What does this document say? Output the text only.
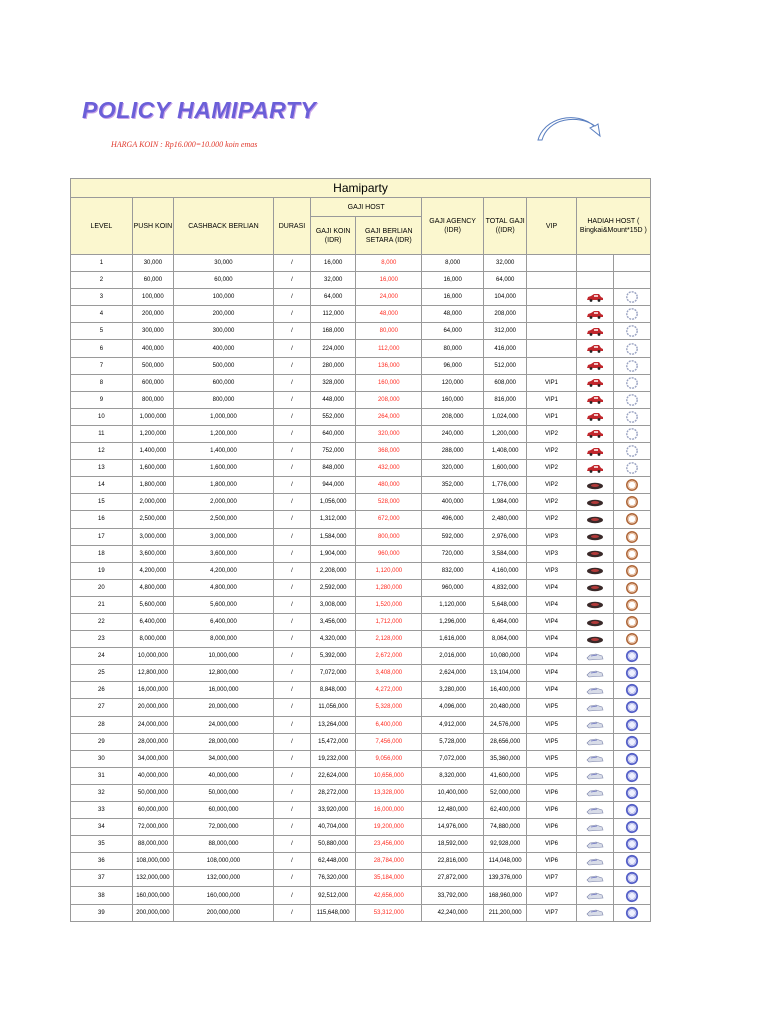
POLICY HAMIPARTY
HARGA KOIN : Rp16.000=10.000 koin emas
Hamiparty										
LEVEL	PUSH KOIN	CASHBACK BERLIAN	DURASI	GAJI HOST		GAJI AGENCY (IDR)	TOTAL GAJI ((IDR)	VIP	HADIAH HOST ( Bingkai&Mount*15D )	
				GAJI KOIN (IDR)	GAJI BERLIAN SETARA (IDR)					
1	30,000	30,000	/	16,000	8,000	8,000	32,000			
2	60,000	60,000	/	32,000	16,000	16,000	64,000			
3	100,000	100,000	/	64,000	24,000	16,000	104,000			
4	200,000	200,000	/	112,000	48,000	48,000	208,000			
5	300,000	300,000	/	168,000	80,000	64,000	312,000			
6	400,000	400,000	/	224,000	112,000	80,000	416,000			
7	500,000	500,000	/	280,000	136,000	96,000	512,000			
8	600,000	600,000	/	328,000	160,000	120,000	608,000	VIP1		
9	800,000	800,000	/	448,000	208,000	160,000	816,000	VIP1		
10	1,000,000	1,000,000	/	552,000	264,000	208,000	1,024,000	VIP1		
11	1,200,000	1,200,000	/	640,000	320,000	240,000	1,200,000	VIP2		
12	1,400,000	1,400,000	/	752,000	368,000	288,000	1,408,000	VIP2		
13	1,600,000	1,600,000	/	848,000	432,000	320,000	1,600,000	VIP2		
14	1,800,000	1,800,000	/	944,000	480,000	352,000	1,776,000	VIP2		
15	2,000,000	2,000,000	/	1,056,000	528,000	400,000	1,984,000	VIP2		
16	2,500,000	2,500,000	/	1,312,000	672,000	496,000	2,480,000	VIP2		
17	3,000,000	3,000,000	/	1,584,000	800,000	592,000	2,976,000	VIP3		
18	3,600,000	3,600,000	/	1,904,000	960,000	720,000	3,584,000	VIP3		
19	4,200,000	4,200,000	/	2,208,000	1,120,000	832,000	4,160,000	VIP3		
20	4,800,000	4,800,000	/	2,592,000	1,280,000	960,000	4,832,000	VIP4		
21	5,600,000	5,600,000	/	3,008,000	1,520,000	1,120,000	5,648,000	VIP4		
22	6,400,000	6,400,000	/	3,456,000	1,712,000	1,296,000	6,464,000	VIP4		
23	8,000,000	8,000,000	/	4,320,000	2,128,000	1,616,000	8,064,000	VIP4		
24	10,000,000	10,000,000	/	5,392,000	2,672,000	2,016,000	10,080,000	VIP4		
25	12,800,000	12,800,000	/	7,072,000	3,408,000	2,624,000	13,104,000	VIP4		
26	16,000,000	16,000,000	/	8,848,000	4,272,000	3,280,000	16,400,000	VIP4		
27	20,000,000	20,000,000	/	11,056,000	5,328,000	4,096,000	20,480,000	VIP5		
28	24,000,000	24,000,000	/	13,264,000	6,400,000	4,912,000	24,576,000	VIP5		
29	28,000,000	28,000,000	/	15,472,000	7,456,000	5,728,000	28,656,000	VIP5		
30	34,000,000	34,000,000	/	19,232,000	9,056,000	7,072,000	35,360,000	VIP5		
31	40,000,000	40,000,000	/	22,624,000	10,656,000	8,320,000	41,600,000	VIP5		
32	50,000,000	50,000,000	/	28,272,000	13,328,000	10,400,000	52,000,000	VIP6		
33	60,000,000	60,000,000	/	33,920,000	16,000,000	12,480,000	62,400,000	VIP6		
34	72,000,000	72,000,000	/	40,704,000	19,200,000	14,976,000	74,880,000	VIP6		
35	88,000,000	88,000,000	/	50,880,000	23,456,000	18,592,000	92,928,000	VIP6		
36	108,000,000	108,000,000	/	62,448,000	28,784,000	22,816,000	114,048,000	VIP6		
37	132,000,000	132,000,000	/	76,320,000	35,184,000	27,872,000	139,376,000	VIP7		
38	160,000,000	160,000,000	/	92,512,000	42,656,000	33,792,000	168,960,000	VIP7		
39	200,000,000	200,000,000	/	115,648,000	53,312,000	42,240,000	211,200,000	VIP7		
